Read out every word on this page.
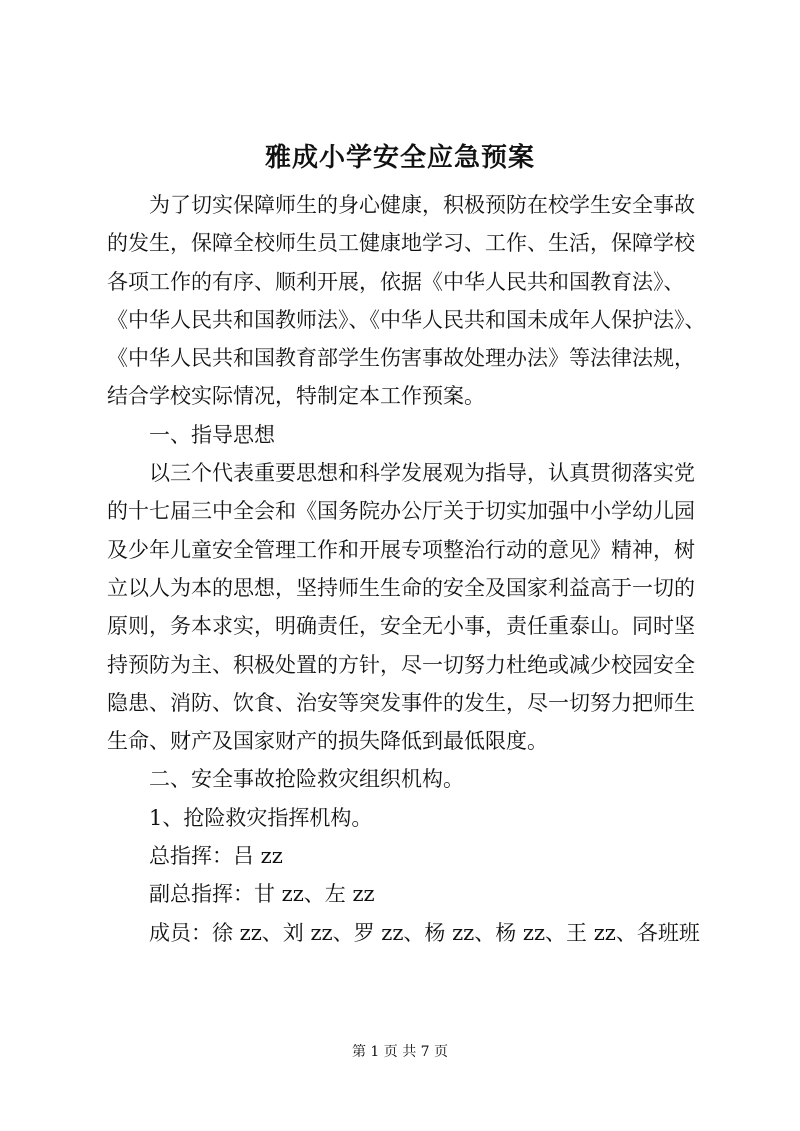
雅成小学安全应急预案
为了切实保障师生的身心健康，积极预防在校学生安全事故
的发生，保障全校师生员工健康地学习、工作、生活，保障学校
各项工作的有序、顺利开展，依据《中华人民共和国教育法》、
《中华人民共和国教师法》、《中华人民共和国未成年人保护法》、
《中华人民共和国教育部学生伤害事故处理办法》等法律法规，
结合学校实际情况，特制定本工作预案。
一、指导思想
以三个代表重要思想和科学发展观为指导，认真贯彻落实党
的十七届三中全会和《国务院办公厅关于切实加强中小学幼儿园
及少年儿童安全管理工作和开展专项整治行动的意见》精神，树
立以人为本的思想，坚持师生生命的安全及国家利益高于一切的
原则，务本求实，明确责任，安全无小事，责任重泰山。同时坚
持预防为主、积极处置的方针，尽一切努力杜绝或减少校园安全
隐患、消防、饮食、治安等突发事件的发生，尽一切努力把师生
生命、财产及国家财产的损失降低到最低限度。
二、安全事故抢险救灾组织机构。
1、抢险救灾指挥机构。
总指挥：吕 zz
副总指挥：甘 zz、左 zz
成员：徐 zz、刘 zz、罗 zz、杨 zz、杨 zz、王 zz、各班班
第 1 页 共 7 页
